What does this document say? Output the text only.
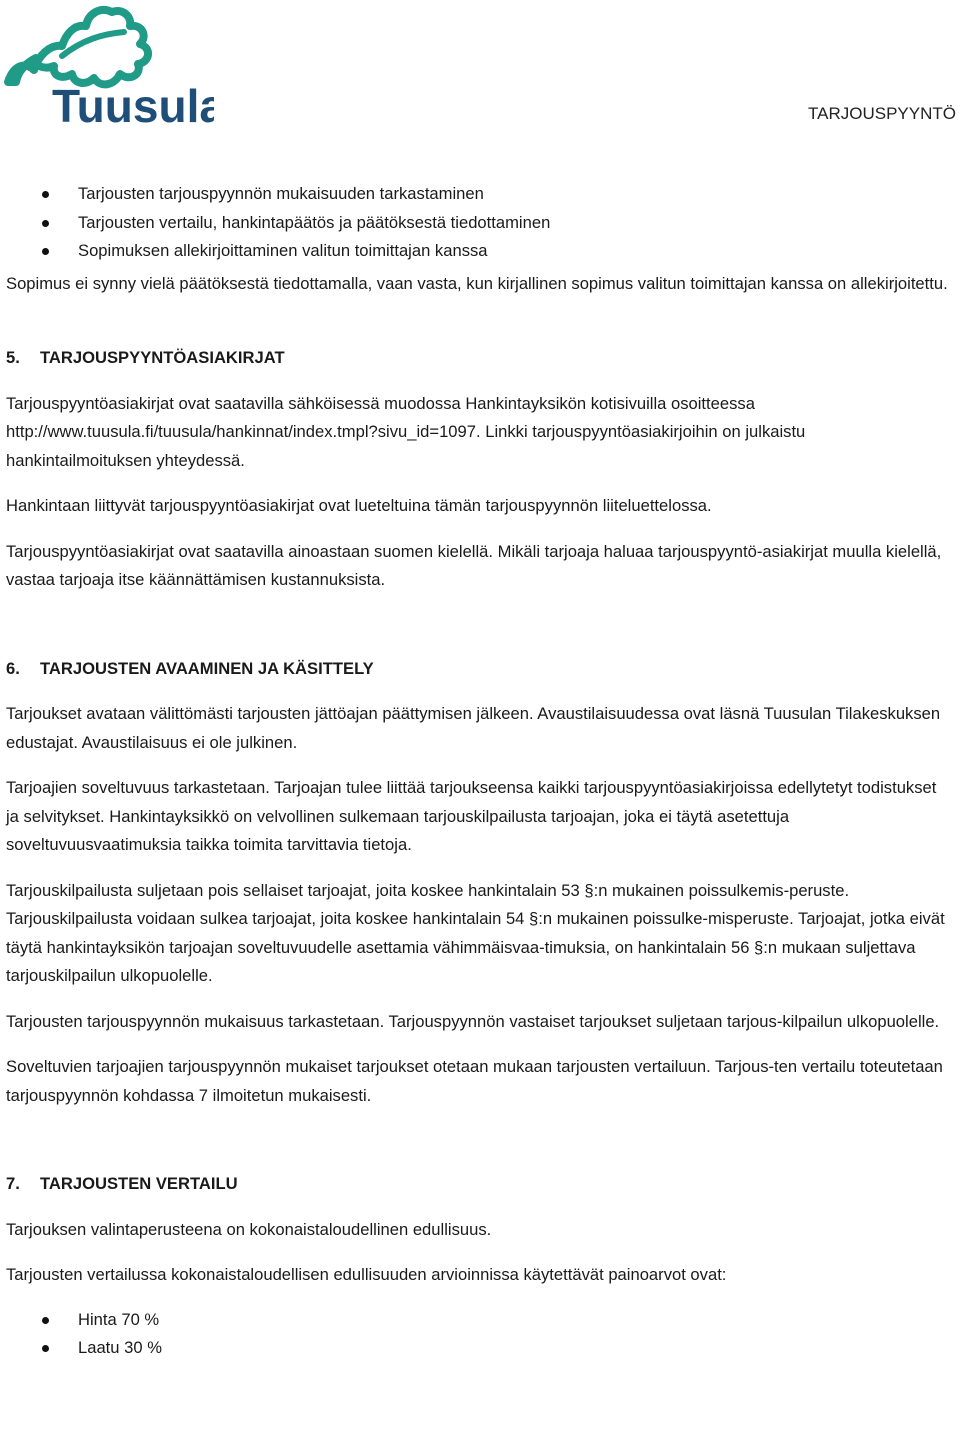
Tuusula	TARJOUSPYYNTÖ
Tarjousten tarjouspyynnön mukaisuuden tarkastaminen
Tarjousten vertailu, hankintapäätös ja päätöksestä tiedottaminen
Sopimuksen allekirjoittaminen valitun toimittajan kanssa

Sopimus ei synny vielä päätöksestä tiedottamalla, vaan vasta, kun kirjallinen sopimus valitun toimittajan kanssa on allekirjoitettu.

5. TARJOUSPYYNTÖASIAKIRJAT

Tarjouspyyntöasiakirjat ovat saatavilla sähköisessä muodossa Hankintayksikön kotisivuilla osoitteessa http://www.tuusula.fi/tuusula/hankinnat/index.tmpl?sivu_id=1097. Linkki tarjouspyyntöasiakirjoihin on julkaistu hankintailmoituksen yhteydessä.

Hankintaan liittyvät tarjouspyyntöasiakirjat ovat lueteltuina tämän tarjouspyynnön liiteluettelossa.

Tarjouspyyntöasiakirjat ovat saatavilla ainoastaan suomen kielellä. Mikäli tarjoaja haluaa tarjouspyyntö-asiakirjat muulla kielellä, vastaa tarjoaja itse käännättämisen kustannuksista.

6. TARJOUSTEN AVAAMINEN JA KÄSITTELY

Tarjoukset avataan välittömästi tarjousten jättöajan päättymisen jälkeen. Avaustilaisuudessa ovat läsnä Tuusulan Tilakeskuksen edustajat. Avaustilaisuus ei ole julkinen.

Tarjoajien soveltuvuus tarkastetaan. Tarjoajan tulee liittää tarjoukseensa kaikki tarjouspyyntöasiakirjoissa edellytetyt todistukset ja selvitykset. Hankintayksikkö on velvollinen sulkemaan tarjouskilpailusta tarjoajan, joka ei täytä asetettuja soveltuvuusvaatimuksia taikka toimita tarvittavia tietoja.

Tarjouskilpailusta suljetaan pois sellaiset tarjoajat, joita koskee hankintalain 53 §:n mukainen poissulkemis-peruste. Tarjouskilpailusta voidaan sulkea tarjoajat, joita koskee hankintalain 54 §:n mukainen poissulke-misperuste. Tarjoajat, jotka eivät täytä hankintayksikön tarjoajan soveltuvuudelle asettamia vähimmäisvaa-timuksia, on hankintalain 56 §:n mukaan suljettava tarjouskilpailun ulkopuolelle.

Tarjousten tarjouspyynnön mukaisuus tarkastetaan. Tarjouspyynnön vastaiset tarjoukset suljetaan tarjous-kilpailun ulkopuolelle.

Soveltuvien tarjoajien tarjouspyynnön mukaiset tarjoukset otetaan mukaan tarjousten vertailuun. Tarjous-ten vertailu toteutetaan tarjouspyynnön kohdassa 7 ilmoitetun mukaisesti.

7. TARJOUSTEN VERTAILU

Tarjouksen valintaperusteena on kokonaistaloudellinen edullisuus.

Tarjousten vertailussa kokonaistaloudellisen edullisuuden arvioinnissa käytettävät painoarvot ovat:

Hinta 70 %
Laatu 30 %
